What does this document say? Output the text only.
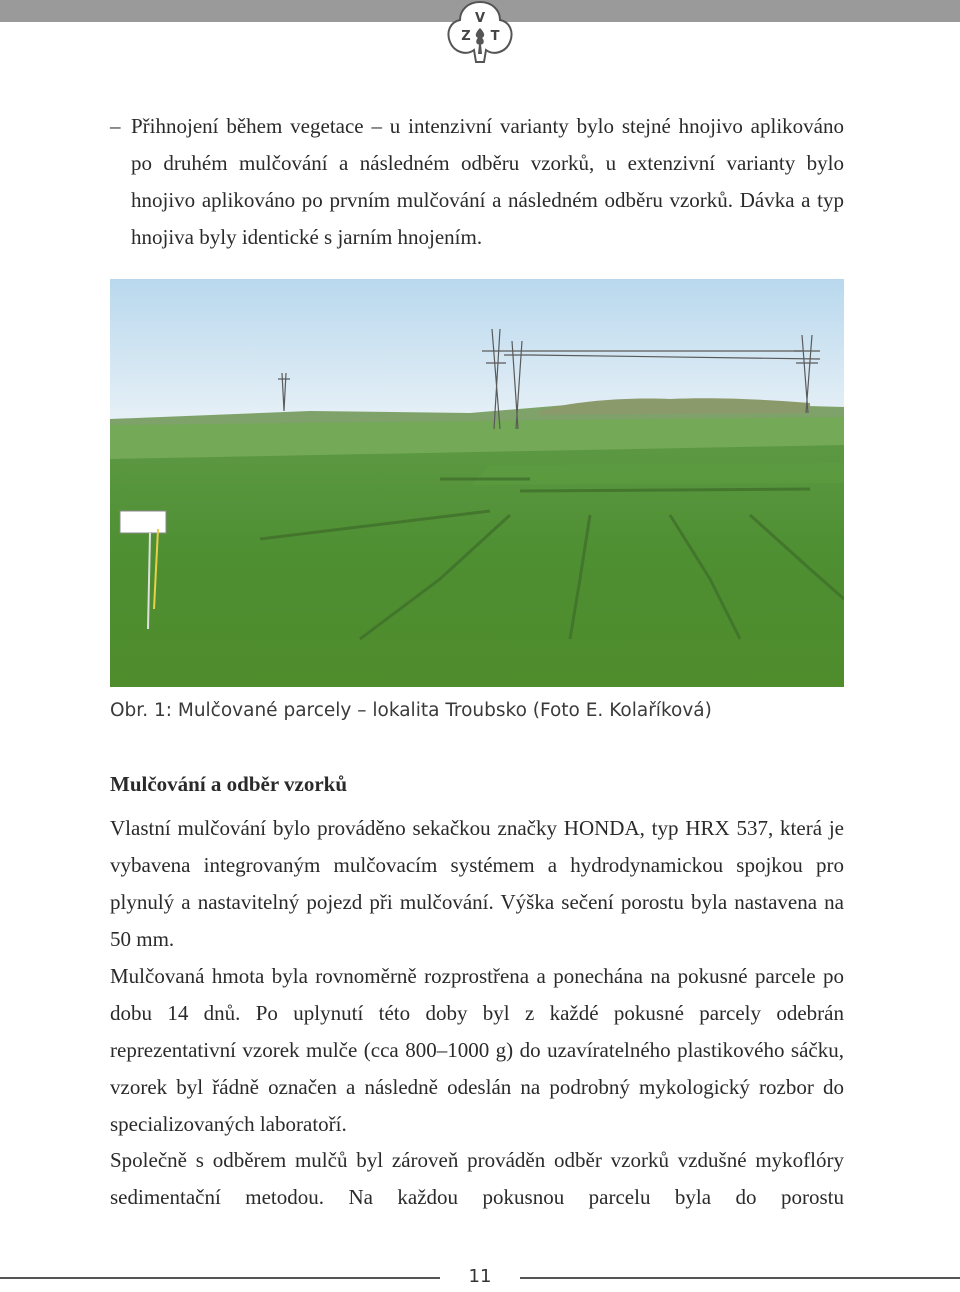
V
Z T
– Přihnojení během vegetace – u intenzivní varianty bylo stejné hnojivo aplikováno po druhém mulčování a následném odběru vzorků, u extenzivní varianty bylo hnojivo aplikováno po prvním mulčování a následném odběru vzorků. Dávka a typ hnojiva byly identické s jarním hnojením.

Obr. 1: Mulčované parcely – lokalita Troubsko (Foto E. Kolaříková)

Mulčování a odběr vzorků

Vlastní mulčování bylo prováděno sekačkou značky HONDA, typ HRX 537, která je vybavena integrovaným mulčovacím systémem a hydrodynamickou spojkou pro plynulý a nastavitelný pojezd při mulčování. Výška sečení porostu byla nastavena na 50 mm.

Mulčovaná hmota byla rovnoměrně rozprostřena a ponechána na pokusné parcele po dobu 14 dnů. Po uplynutí této doby byl z každé pokusné parcely odebrán reprezentativní vzorek mulče (cca 800–1000 g) do uzavíratelného plastikového sáčku, vzorek byl řádně označen a následně odeslán na podrobný mykologický rozbor do specializovaných laboratoří.

Společně s odběrem mulčů byl zároveň prováděn odběr vzorků vzdušné mykoflóry sedimentační metodou. Na každou pokusnou parcelu byla do porostu

11
